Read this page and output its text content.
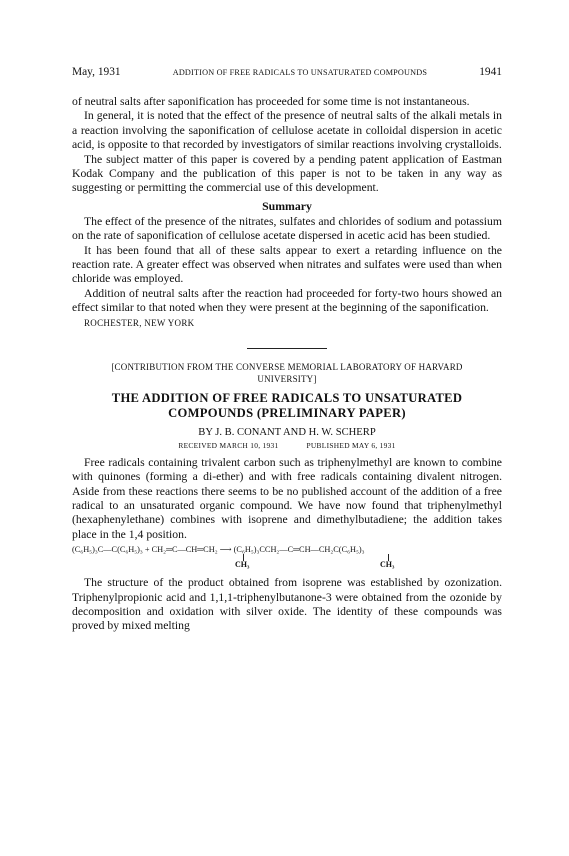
May, 1931	ADDITION OF FREE RADICALS TO UNSATURATED COMPOUNDS	1941

of neutral salts after saponification has proceeded for some time is not instantaneous.

In general, it is noted that the effect of the presence of neutral salts of the alkali metals in a reaction involving the saponification of cellulose acetate in colloidal dispersion in acetic acid, is opposite to that recorded by investigators of similar reactions involving crystalloids.

The subject matter of this paper is covered by a pending patent application of Eastman Kodak Company and the publication of this paper is not to be taken in any way as suggesting or permitting the commercial use of this development.

Summary

The effect of the presence of the nitrates, sulfates and chlorides of sodium and potassium on the rate of saponification of cellulose acetate dispersed in acetic acid has been studied.

It has been found that all of these salts appear to exert a retarding influence on the reaction rate. A greater effect was observed when nitrates and sulfates were used than when chloride was employed.

Addition of neutral salts after the reaction had proceeded for forty-two hours showed an effect similar to that noted when they were present at the beginning of the saponification.

ROCHESTER, NEW YORK
[CONTRIBUTION FROM THE CONVERSE MEMORIAL LABORATORY OF HARVARD
UNIVERSITY]
THE ADDITION OF FREE RADICALS TO UNSATURATED
COMPOUNDS (PRELIMINARY PAPER)
BY J. B. CONANT AND H. W. SCHERP
RECEIVED MARCH 10, 1931	PUBLISHED MAY 6, 1931

Free radicals containing trivalent carbon such as triphenylmethyl are known to combine with quinones (forming a di-ether) and with free radicals containing divalent nitrogen. Aside from these reactions there seems to be no published account of the addition of a free radical to an unsaturated organic compound. We have now found that triphenylmethyl (hexaphenylethane) combines with isoprene and dimethylbutadiene; the addition takes place in the 1,4 position.

(C₆H₅)₃C—C(C₆H₅)₃ + CH₂═C—CH═CH₂ ⟶ (C₆H₅)₃CCH₂—C═CH—CH₂C(C₆H₅)₃
CH₃	CH₃

The structure of the product obtained from isoprene was established by ozonization. Triphenylpropionic acid and 1,1,1-triphenylbutanone-3 were obtained from the ozonide by decomposition and oxidation with silver oxide. The identity of these compounds was proved by mixed melting
